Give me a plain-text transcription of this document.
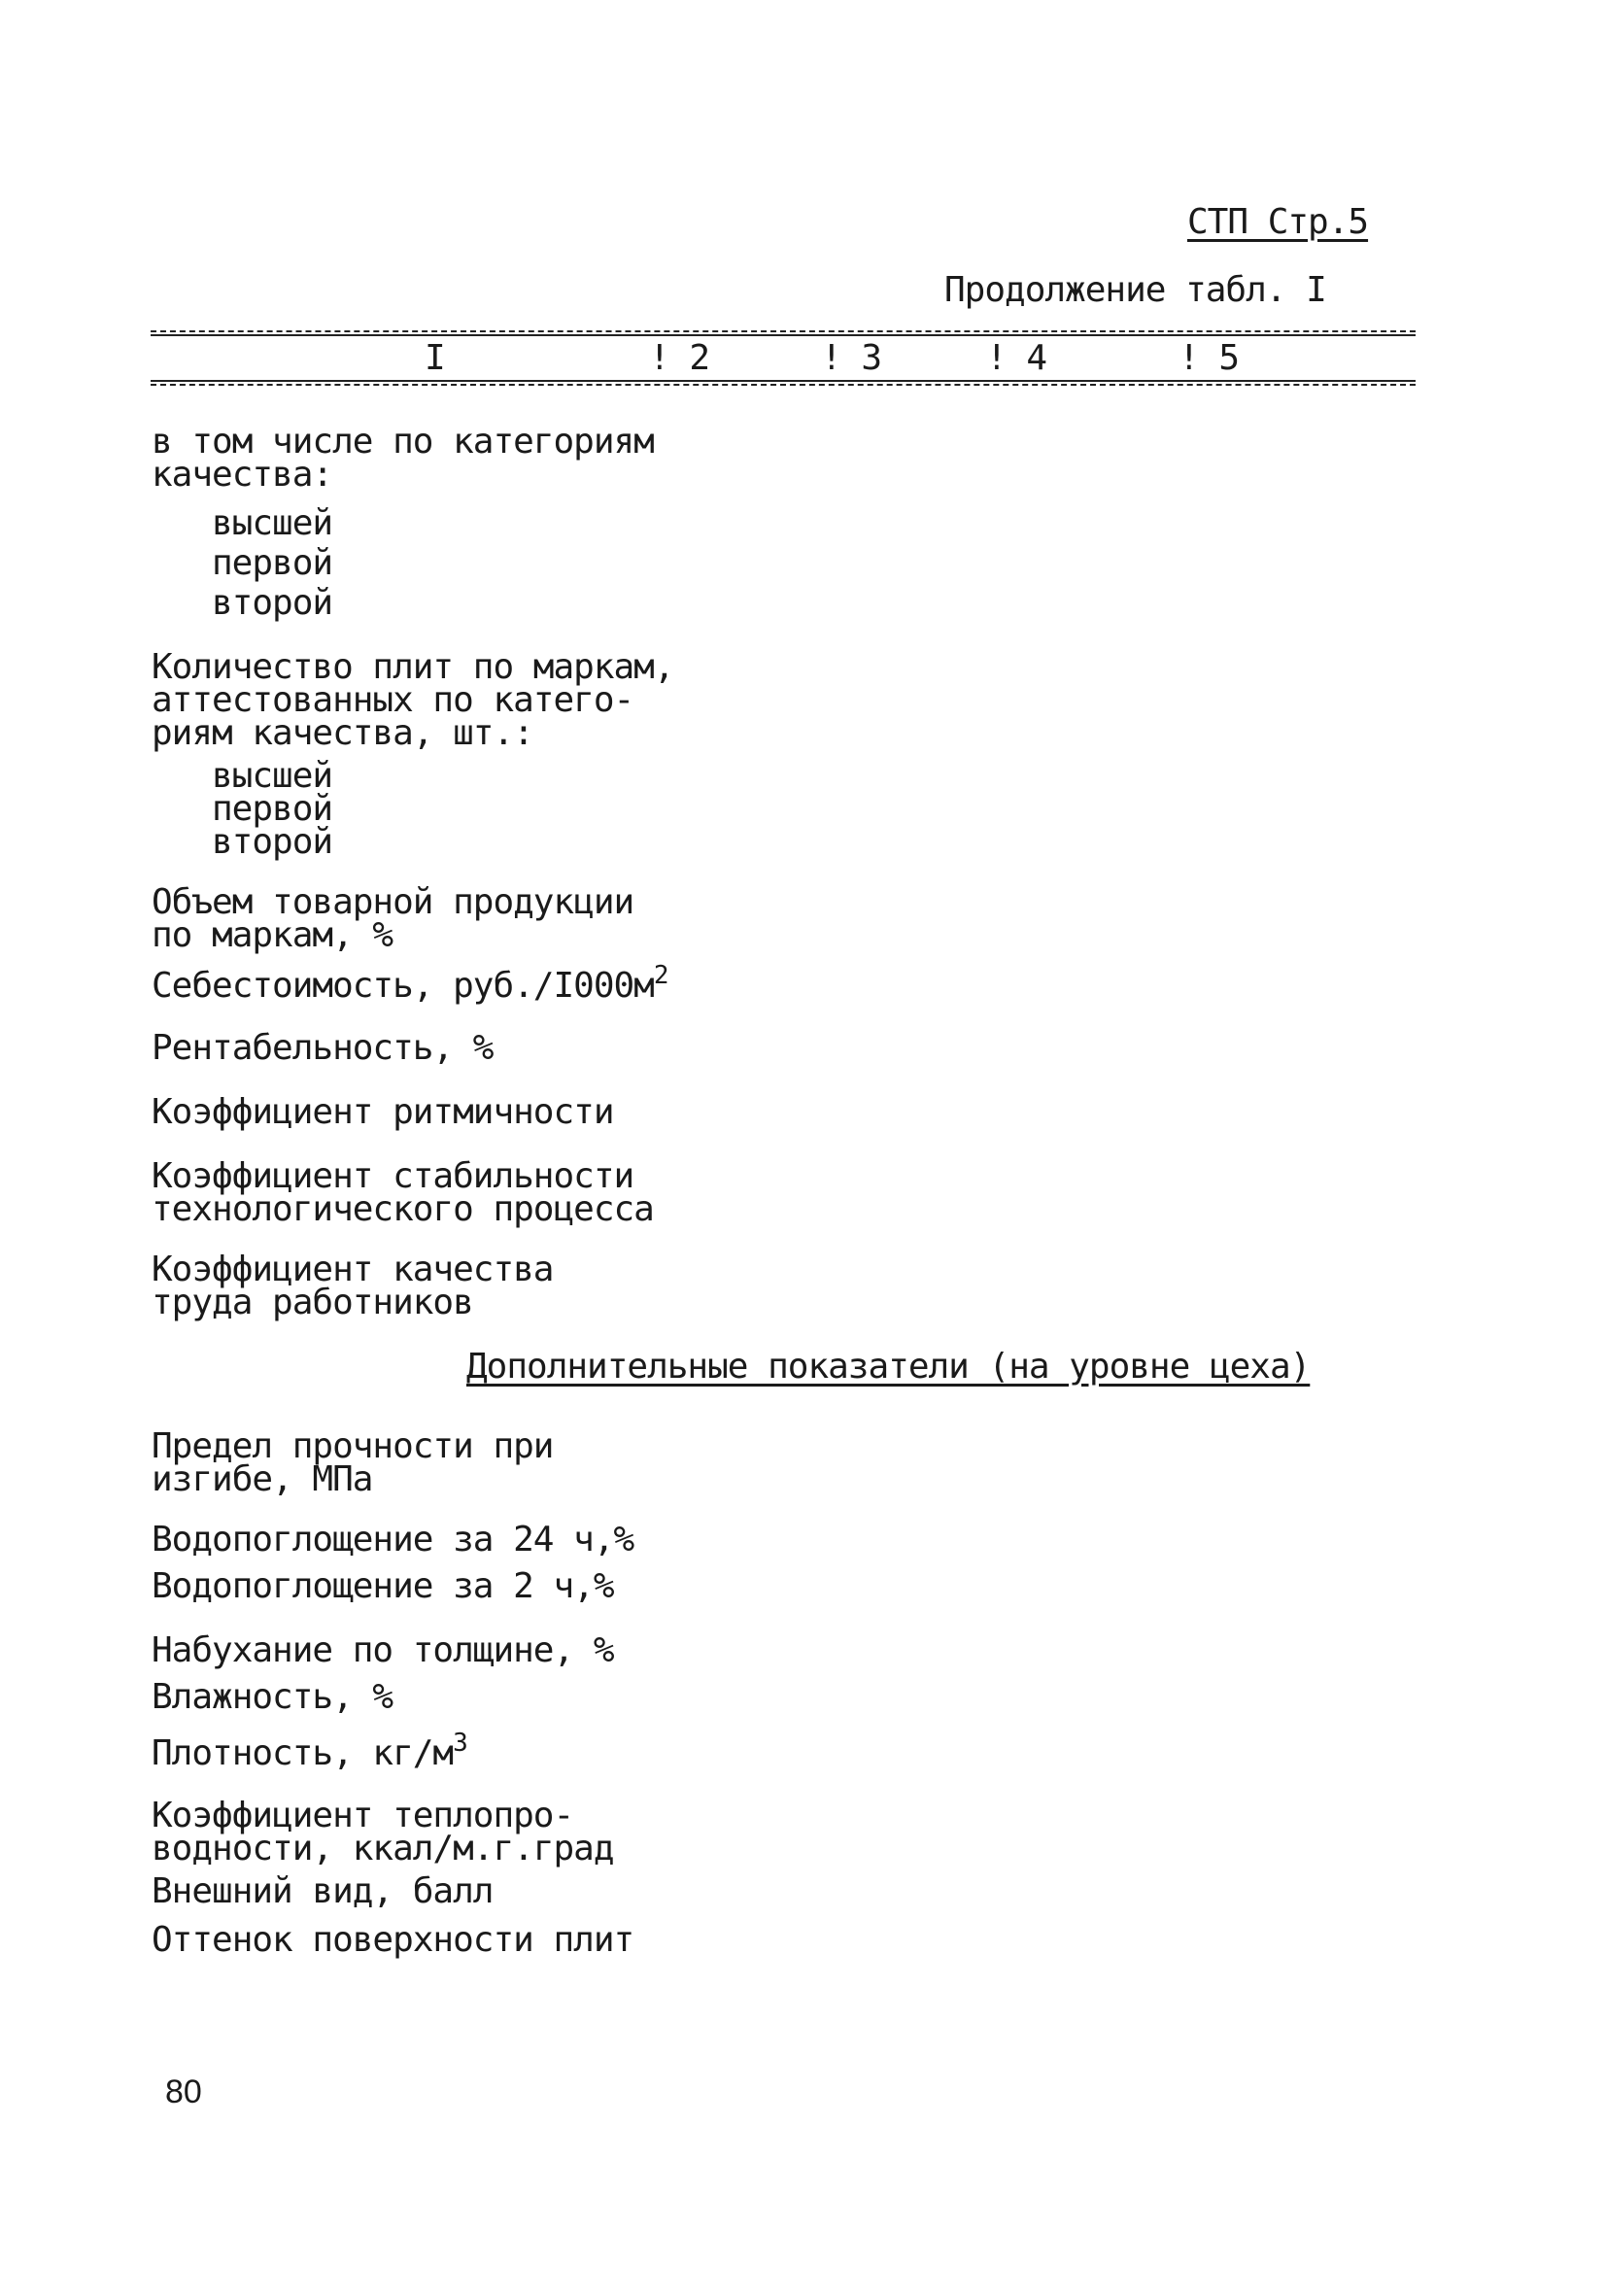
СТП Стр.5
Продолжение табл. I
I	! 2	! 3	! 4	! 5
в том числе по категориям
качества:
высшей
первой
второй
Количество плит по маркам,
аттестованных по катего-
риям качества, шт.:
высшей
первой
второй
Объем товарной продукции
по маркам, %
Себестоимость, $руб./I000м^2$
Рентабельность, %
Коэффициент ритмичности
Коэффициент стабильности
технологического процесса
Коэффициент качества
труда работников
Дополнительные показатели (на уровне цеха)
Предел прочности при
изгибе, МПа
Водопоглощение за 24 ч,%
Водопоглощение за 2 ч,%
Набухание по толщине, %
Влажность, %
Плотность, $кг/м^3$
Коэффициент теплопро-
водности, ккал/м.г.град
Внешний вид, балл
Оттенок поверхности плит
80
